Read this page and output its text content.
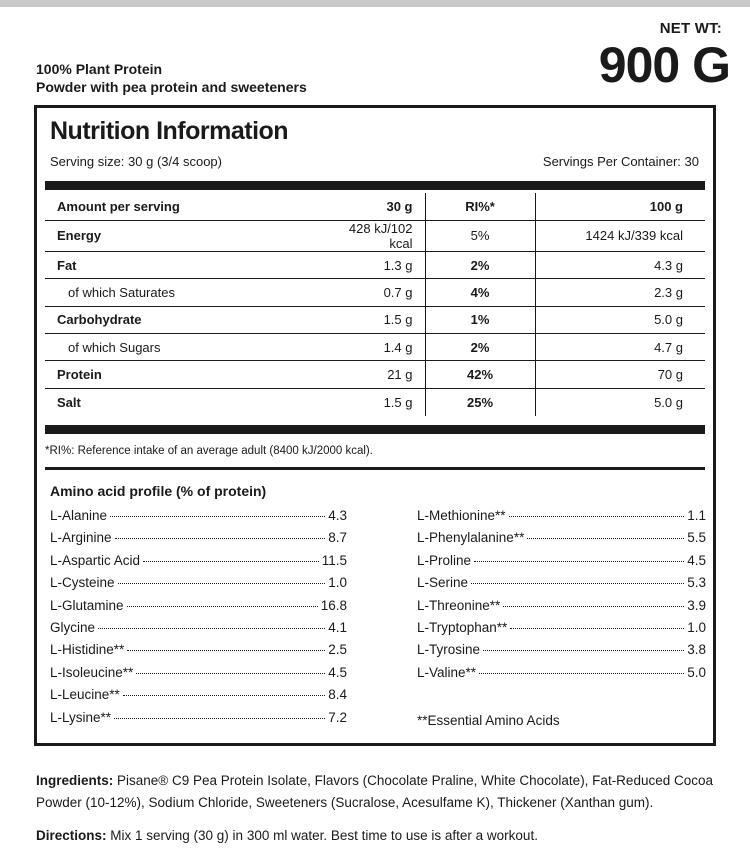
NET WT:
900 G
100% Plant Protein
Powder with pea protein and sweeteners
Nutrition Information
Serving size: 30 g (3/4 scoop)	Servings Per Container: 30
Amount per serving	30 g	RI%*	100 g
Energy	428 kJ/102 kcal	5%	1424 kJ/339 kcal
Fat	1.3 g	2%	4.3 g
of which Saturates	0.7 g	4%	2.3 g
Carbohydrate	1.5 g	1%	5.0 g
of which Sugars	1.4 g	2%	4.7 g
Protein	21 g	42%	70 g
Salt	1.5 g	25%	5.0 g
*RI%: Reference intake of an average adult (8400 kJ/2000 kcal).
Amino acid profile (% of protein)
L-Alanine	4.3
L-Arginine	8.7
L-Aspartic Acid	11.5
L-Cysteine	1.0
L-Glutamine	16.8
Glycine	4.1
L-Histidine**	2.5
L-Isoleucine**	4.5
L-Leucine**	8.4
L-Lysine**	7.2
L-Methionine**	1.1
L-Phenylalanine**	5.5
L-Proline	4.5
L-Serine	5.3
L-Threonine**	3.9
L-Tryptophan**	1.0
L-Tyrosine	3.8
L-Valine**	5.0
**Essential Amino Acids
Ingredients: Pisane® C9 Pea Protein Isolate, Flavors (Chocolate Praline, White Chocolate), Fat-Reduced Cocoa Powder (10-12%), Sodium Chloride, Sweeteners (Sucralose, Acesulfame K), Thickener (Xanthan gum).
Directions: Mix 1 serving (30 g) in 300 ml water. Best time to use is after a workout.
